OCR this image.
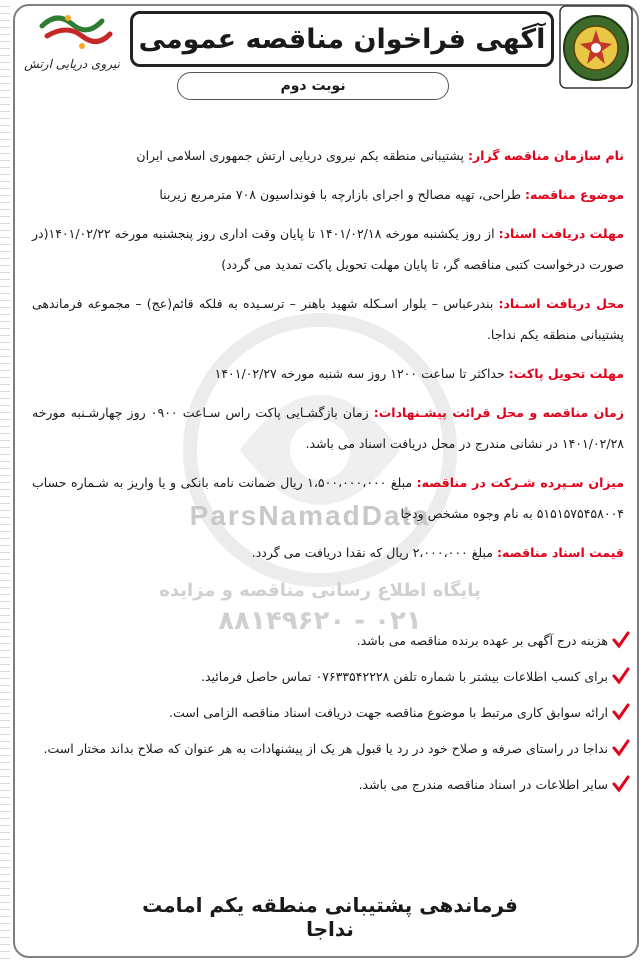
نیروی دریایی ارتش
آگهی فراخوان مناقصه عمومی
نوبت دوم
ParsNamadData
پایگاه اطلاع رسانی مناقصه و مزایده
۰۲۱ - ۸۸۱۴۹۶۲۰
نام سازمان مناقصه گزار: پشتیبانی منطقه یکم نیروی دریایی ارتش جمهوری اسلامی ایران
موضوع مناقصه: طراحی، تهیه مصالح و اجرای بازارچه با فونداسیون ۷۰۸ مترمربع زیربنا
مهلت دریافت اسناد: از روز یکشنبه مورخه ۱۴۰۱/۰۲/۱۸ تا پایان وقت اداری روز پنجشنبه مورخه ۱۴۰۱/۰۲/۲۲(در صورت درخواست کتبی مناقصه گر، تا پایان مهلت تحویل پاکت تمدید می گردد)
محل دریافت اسـناد: بندرعباس – بلوار اسـکله شهید باهنر – ترسـیده به فلکه قائم(عج) – مجموعه فرماندهی پشتیبانی منطقه یکم نداجا.
مهلت تحویل پاکت: حداکثر تا ساعت ۱۲۰۰ روز سه شنبه مورخه ۱۴۰۱/۰۲/۲۷
زمان مناقصه و محل قرائت پیشـنهادات: زمان بازگشـایی پاکت راس سـاعت ۰۹۰۰ روز چهارشـنبه مورخه ۱۴۰۱/۰۲/۲۸ در نشانی مندرج در محل دریافت اسناد می باشد.
میزان سـپرده شـرکت در مناقصه: مبلغ ۱،۵۰۰،۰۰۰،۰۰۰ ریال ضمانت نامه بانکی و یا واریز به شـماره حساب ۵۱۵۱۵۷۵۴۵۸۰۰۴ به نام وجوه مشخص ودجا
قیمت اسناد مناقصه: مبلغ ۲،۰۰۰،۰۰۰ ریال که نقدا دریافت می گردد.
هزینه درج آگهی بر عهده برنده مناقصه می باشد.
برای کسب اطلاعات بیشتر با شماره تلفن ۰۷۶۳۳۵۴۲۲۲۸ تماس حاصل فرمائید.
ارائه سوابق کاری مرتبط با موضوع مناقصه جهت دریافت اسناد مناقصه الزامی است.
نداجا در راستای صرفه و صلاح خود در رد یا قبول هر یک از پیشنهادات به هر عنوان که صلاح بداند مختار است.
سایر اطلاعات در اسناد مناقصه مندرج می باشد.
فرماندهی پشتیبانی منطقه یکم امامت نداجا
